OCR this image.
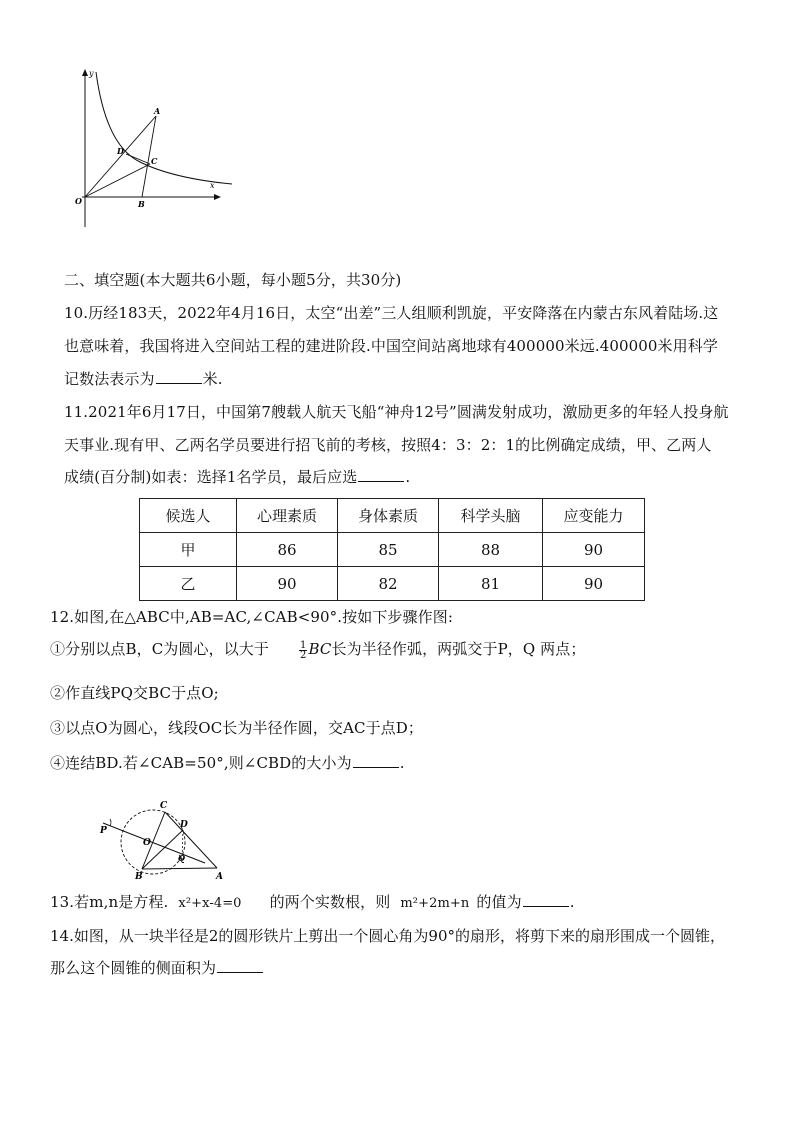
y
x
O
A
B
C
D
二、填空题(本大题共6小题，每小题5分，共30分)
10.历经183天，2022年4月16日，太空“出差”三人组顺利凯旋，平安降落在内蒙古东风着陆场.这
也意味着，我国将进入空间站工程的建进阶段.中国空间站离地球有400000米远.400000米用科学
记数法表示为	米.
11.2021年6月17日，中国第7艘载人航天飞船“神舟12号”圆满发射成功，激励更多的年轻人投身航
天事业.现有甲、乙两名学员要进行招飞前的考核，按照4：3：2：1的比例确定成绩，甲、乙两人
成绩(百分制)如表：选择1名学员，最后应选	.
候选人	心理素质	身体素质	科学头脑	应变能力
甲	86	85	88	90
乙	90	82	81	90
12.如图,在△ABC中,AB=AC,∠CAB<90°.按如下步骤作图:
①分别以点B，C为圆心，以大于	$\frac{1}{2}$ BC长为半径作弧，两弧交于P，Q 两点；
②作直线PQ交BC于点O;
③以点O为圆心，线段OC长为半径作圆，交AC于点D；
④连结BD.若∠CAB=50°,则∠CBD的大小为	.
C
D
P
O
Q
B	A
13.若m,n是方程. x²+x-4=0 的两个实数根，则 m²+2m+n 的值为	.
14.如图，从一块半径是2的圆形铁片上剪出一个圆心角为90°的扇形，将剪下来的扇形围成一个圆锥，
那么这个圆锥的侧面积为
